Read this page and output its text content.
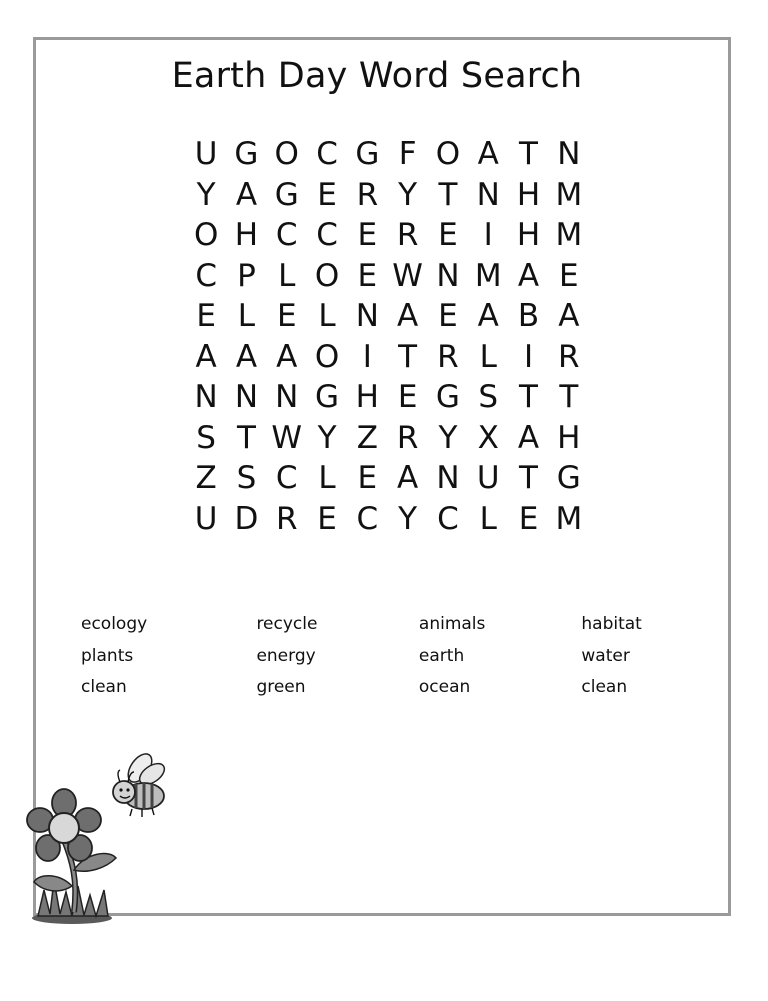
Earth Day Word Search
U G O C G F O A T N
Y A G E R Y T N H M
O H C C E R E I H M
C P L O E W N M A E
E L E L N A E A B A
A A A O I T R L I R
N N N G H E G S T T
S T W Y Z R Y X A H
Z S C L E A N U T G
U D R E C Y C L E M
ecology	recycle	animals	habitat
plants	energy	earth	water
clean	green	ocean	clean
